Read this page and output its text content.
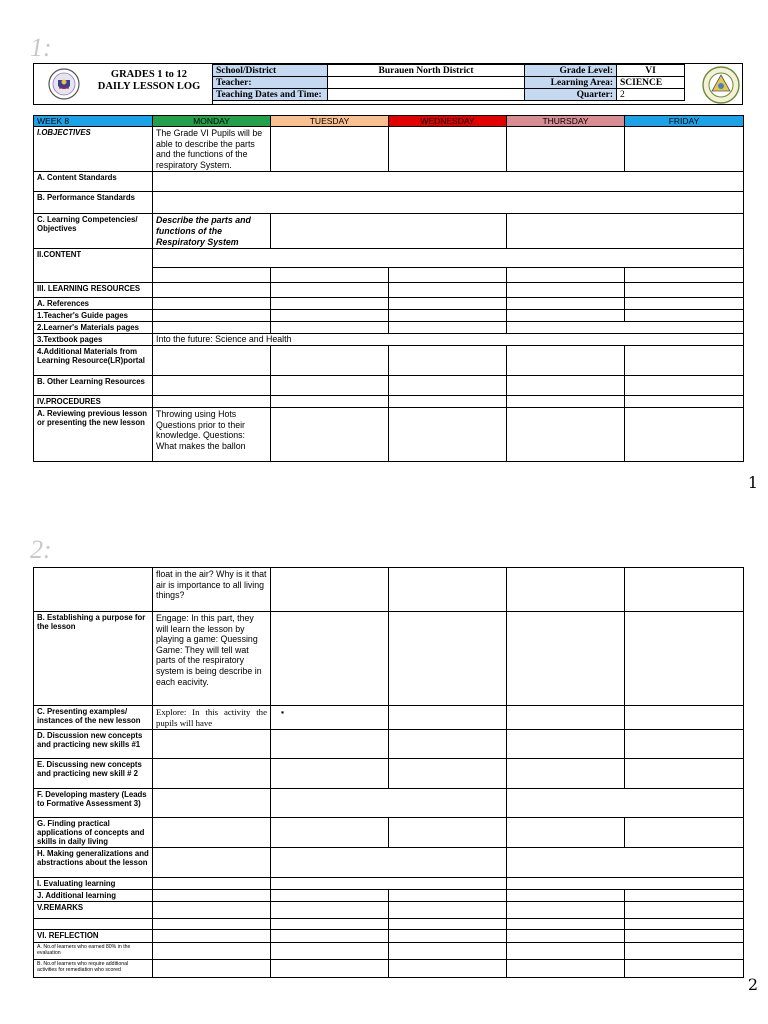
1:
GRADES 1 to 12
DAILY LESSON LOG
School/District	Burauen North District	Grade Level:	VI
Teacher:		Learning Area:	SCIENCE
Teaching Dates and Time:		Quarter:	2
WEEK 8	MONDAY	TUESDAY	WEDNESDAY	THURSDAY	FRIDAY
I.OBJECTIVES	The Grade VI Pupils will be able to describe the parts and the functions of the respiratory System.				
A. Content Standards					
B. Performance Standards					
C. Learning Competencies/ Objectives	Describe the parts and functions of the Respiratory System				
II.CONTENT					

III. LEARNING RESOURCES					
A. References					
1.Teacher's Guide pages					
2.Learner's Materials pages					
3.Textbook pages	Into the future: Science and Health				
4.Additional Materials from Learning Resource(LR)portal					
B. Other Learning Resources					
IV.PROCEDURES					
A. Reviewing previous lesson or presenting the new lesson	Throwing using Hots Questions prior to their knowledge. Questions: What makes the ballon				
1
2:
	float in the air? Why is it that air is importance to all living things?				
B. Establishing a purpose for the lesson	Engage: In this part, they will learn the lesson by playing a game: Quessing Game: They will tell wat parts of the respiratory system is being describe in each eacivity.				
C. Presenting examples/ instances of the new lesson	Explore: In this activity the pupils will have	▪			
D. Discussion new concepts and practicing new skills #1					
E. Discussing new concepts and practicing new skill # 2					
F. Developing mastery (Leads to Formative Assessment 3)					
G. Finding practical applications of concepts and skills in daily living					
H. Making generalizations and abstractions about the lesson					
I. Evaluating learning					
J. Additional learning					
V.REMARKS					

VI. REFLECTION					
A. No.of learners who earned 80% in the evaluation					
B. No.of learners who require additional activities for remediation who scored					
2
